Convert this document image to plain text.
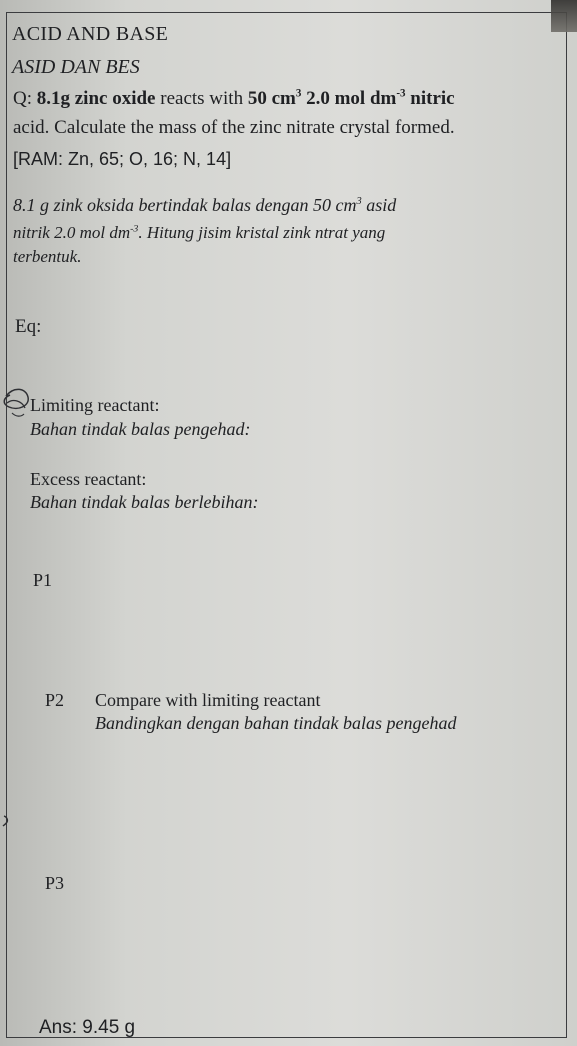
ACID AND BASE
ASID DAN BES
Q: 8.1g zinc oxide reacts with 50 $cm^3$ 2.0 mol $dm^{-3}$ nitric
acid. Calculate the mass of the zinc nitrate crystal formed.
[RAM: Zn, 65; O, 16; N, 14]
8.1 g zink oksida bertindak balas dengan 50 $cm^3$ asid
nitrik 2.0 mol $dm^{-3}$. Hitung jisim kristal zink ntrat yang
terbentuk.
Eq:
Limiting reactant:
Bahan tindak balas pengehad:
Excess reactant:
Bahan tindak balas berlebihan:
P1
P2 Compare with limiting reactant
Bandingkan dengan bahan tindak balas pengehad
P3
Ans: 9.45 g
